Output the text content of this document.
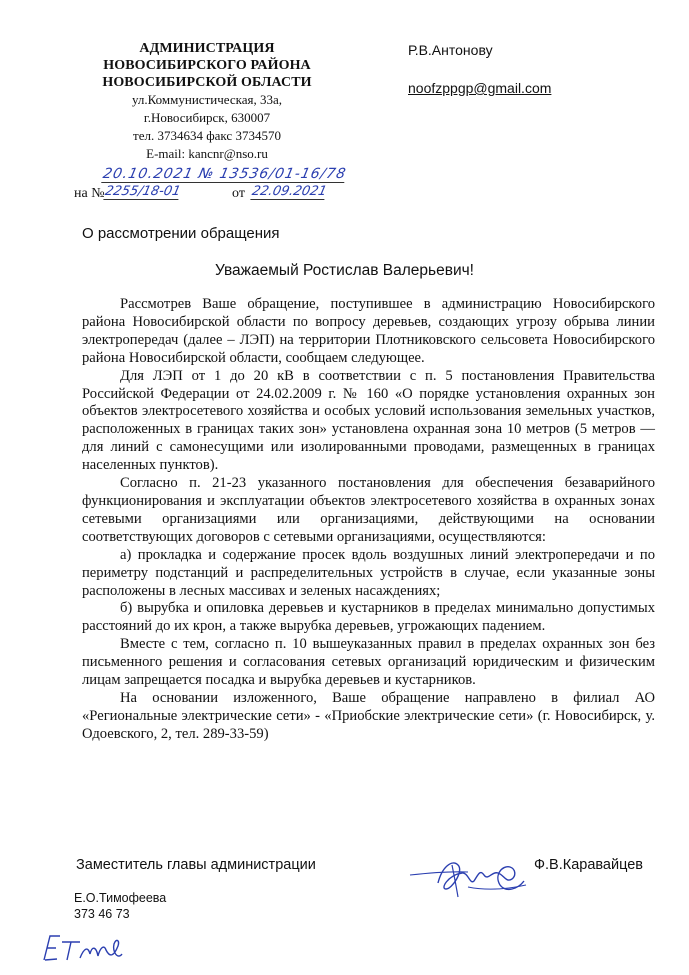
АДМИНИСТРАЦИЯ
НОВОСИБИРСКОГО РАЙОНА
НОВОСИБИРСКОЙ ОБЛАСТИ
ул.Коммунистическая, 33а,
г.Новосибирск, 630007
тел. 3734634 факс 3734570
E-mail: kancnr@nso.ru
Р.В.Антонову
noofzppgp@gmail.com
20.10.2021 № 13536/01-16/78
на №
2255/18-01	от 22.09.2021
О рассмотрении обращения
Уважаемый Ростислав Валерьевич!

Рассмотрев Ваше обращение, поступившее в администрацию Новосибирского района Новосибирской области по вопросу деревьев, создающих угрозу обрыва линии электропередач (далее – ЛЭП) на территории Плотниковского сельсовета Новосибирского района Новосибирской области, сообщаем следующее.

Для ЛЭП от 1 до 20 кВ в соответствии с п. 5 постановления Правительства Российской Федерации от 24.02.2009 г. № 160 «О порядке установления охранных зон объектов электросетевого хозяйства и особых условий использования земельных участков, расположенных в границах таких зон» установлена охранная зона 10 метров (5 метров — для линий с самонесущими или изолированными проводами, размещенных в границах населенных пунктов).

Согласно п. 21-23 указанного постановления для обеспечения безаварийного функционирования и эксплуатации объектов электросетевого хозяйства в охранных зонах сетевыми организациями или организациями, действующими на основании соответствующих договоров с сетевыми организациями, осуществляются:

а) прокладка и содержание просек вдоль воздушных линий электропередачи и по периметру подстанций и распределительных устройств в случае, если указанные зоны расположены в лесных массивах и зеленых насаждениях;

б) вырубка и опиловка деревьев и кустарников в пределах минимально допустимых расстояний до их крон, а также вырубка деревьев, угрожающих падением.

Вместе с тем, согласно п. 10 вышеуказанных правил в пределах охранных зон без письменного решения и согласования сетевых организаций юридическим и физическим лицам запрещается посадка и вырубка деревьев и кустарников.

На основании изложенного, Ваше обращение направлено в филиал АО «Региональные электрические сети» - «Приобские электрические сети» (г. Новосибирск, у. Одоевского, 2, тел. 289-33-59)

Заместитель главы администрации	Ф.В.Каравайцев
Е.О.Тимофеева
373 46 73
